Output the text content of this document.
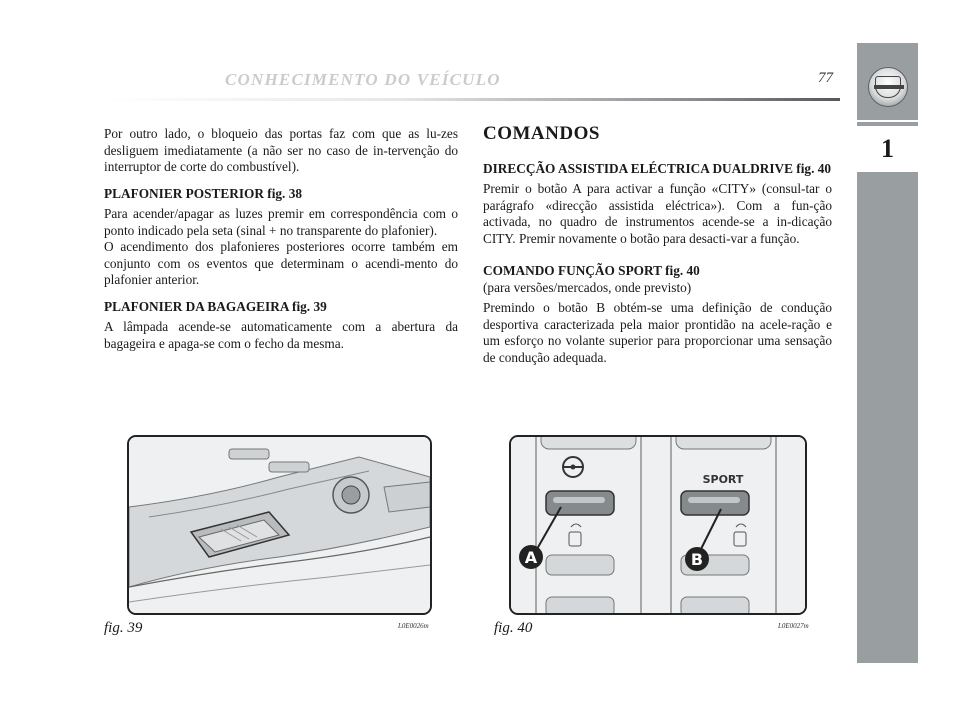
CONHECIMENTO DO VEÍCULO	77
1

Por outro lado, o bloqueio das portas faz com que as lu-zes desliguem imediatamente (a não ser no caso de in-tervenção do interruptor de corte do combustível).

PLAFONIER POSTERIOR fig. 38

Para acender/apagar as luzes premir em correspondência com o ponto indicado pela seta (sinal + no transparente do plafonier).

O acendimento dos plafonieres posteriores ocorre também em conjunto com os eventos que determinam o acendi-mento do plafonier anterior.

PLAFONIER DA BAGAGEIRA fig. 39

A lâmpada acende-se automaticamente com a abertura da bagageira e apaga-se com o fecho da mesma.

COMANDOS
DIRECÇÃO ASSISTIDA ELÉCTRICA DUALDRIVE fig. 40

Premir o botão A para activar a função «CITY» (consul-tar o parágrafo «direcção assistida eléctrica»). Com a fun-ção activada, no quadro de instrumentos acende-se a in-dicação CITY. Premir novamente o botão para desacti-var a função.

COMANDO FUNÇÃO SPORT fig. 40

(para versões/mercados, onde previsto)

Premindo o botão B obtém-se uma definição de condução desportiva caracterizada pela maior prontidão na acele-ração e um esforço no volante superior para proporcionar uma sensação de condução adequada.

fig. 39	L0E0026m
SPORT
A	B
fig. 40	L0E0027m
